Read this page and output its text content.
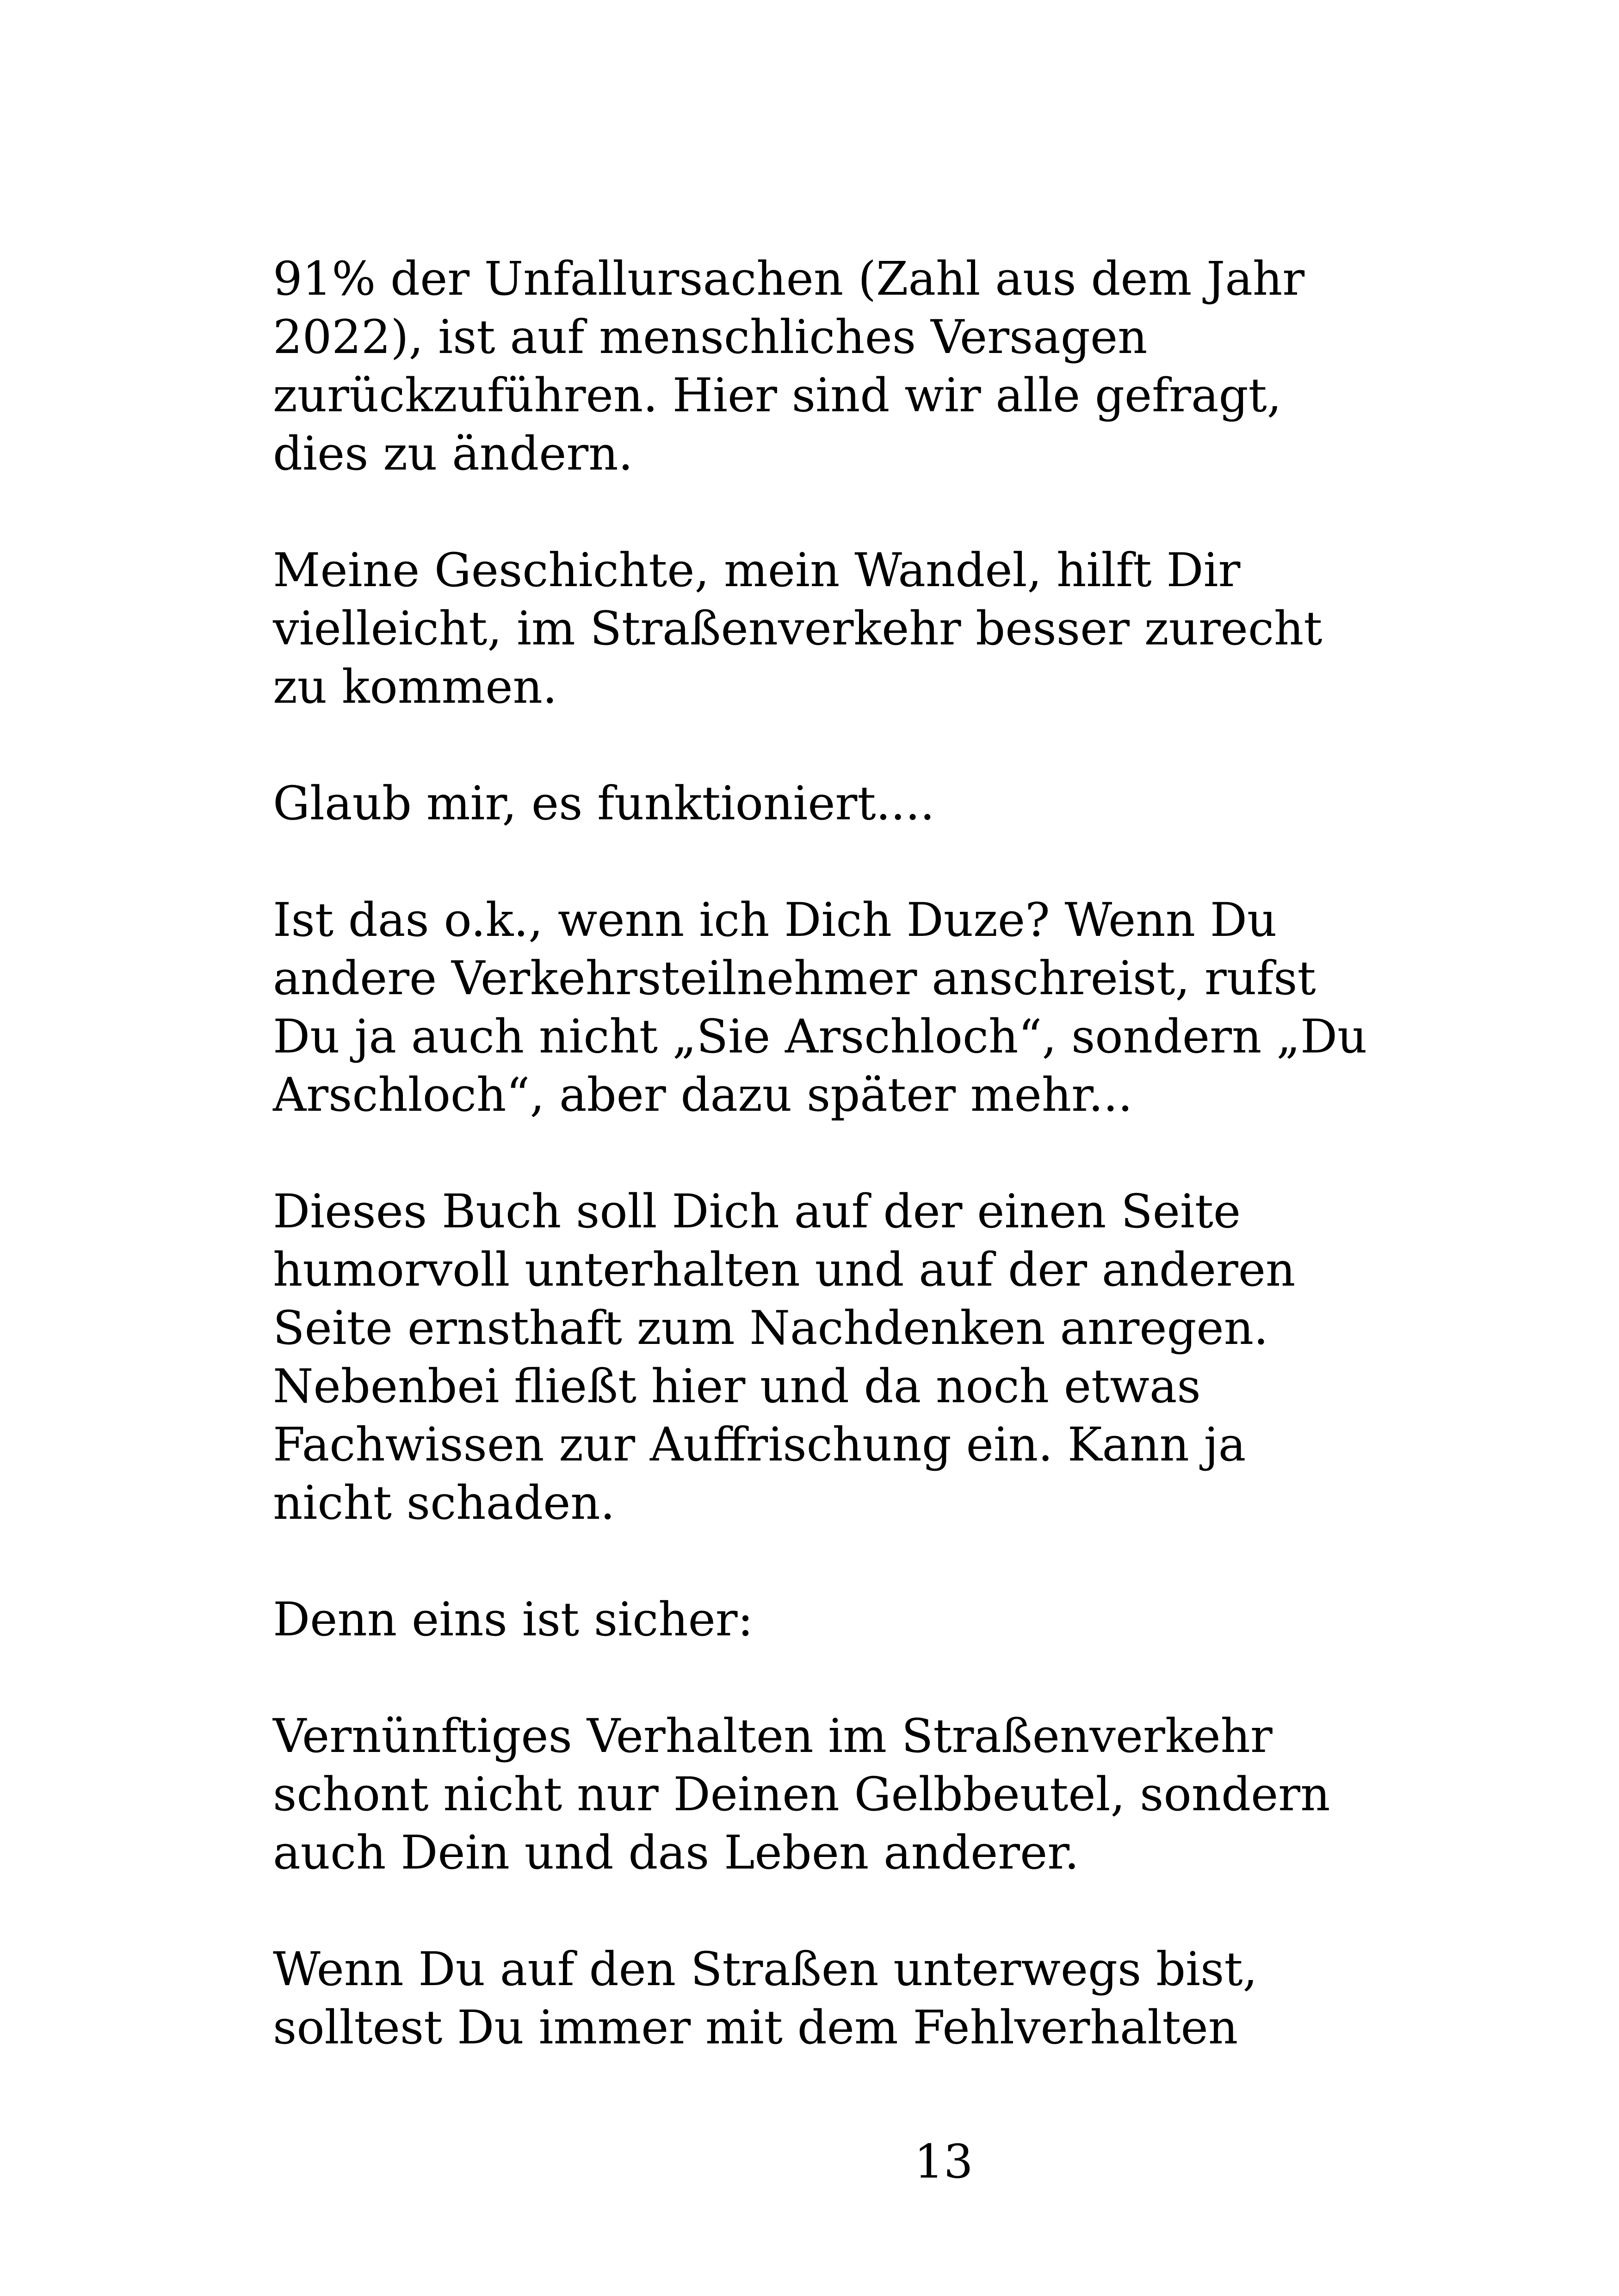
91% der Unfallursachen (Zahl aus dem Jahr
2022), ist auf menschliches Versagen
zurückzuführen. Hier sind wir alle gefragt,
dies zu ändern.

Meine Geschichte, mein Wandel, hilft Dir
vielleicht, im Straßenverkehr besser zurecht
zu kommen.

Glaub mir, es funktioniert....

Ist das o.k., wenn ich Dich Duze? Wenn Du
andere Verkehrsteilnehmer anschreist, rufst
Du ja auch nicht „Sie Arschloch“, sondern „Du
Arschloch“, aber dazu später mehr...

Dieses Buch soll Dich auf der einen Seite
humorvoll unterhalten und auf der anderen
Seite ernsthaft zum Nachdenken anregen.
Nebenbei fließt hier und da noch etwas
Fachwissen zur Auffrischung ein. Kann ja
nicht schaden.

Denn eins ist sicher:

Vernünftiges Verhalten im Straßenverkehr
schont nicht nur Deinen Gelbbeutel, sondern
auch Dein und das Leben anderer.

Wenn Du auf den Straßen unterwegs bist,
solltest Du immer mit dem Fehlverhalten

13
